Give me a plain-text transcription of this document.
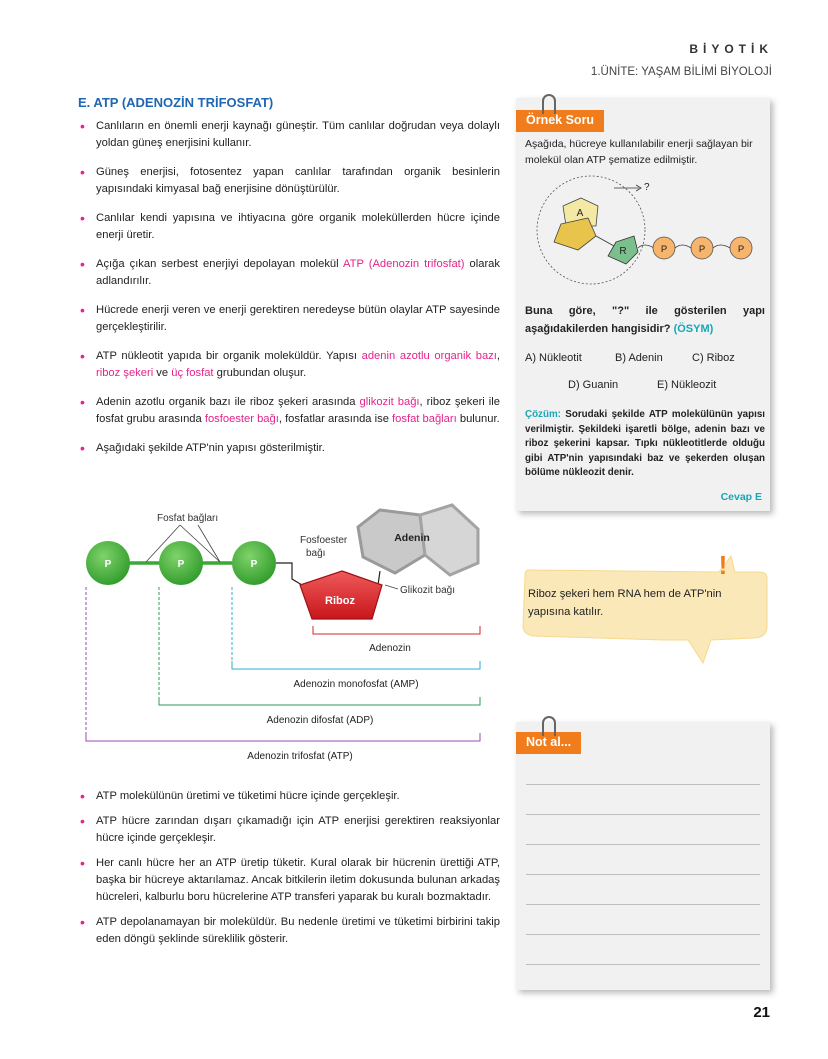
BİYOTİK
1.ÜNİTE: YAŞAM BİLİMİ BİYOLOJİ
E. ATP (ADENOZİN TRİFOSFAT)
• Canlıların en önemli enerji kaynağı güneştir. Tüm canlılar doğrudan veya dolaylı yoldan güneş enerjisini kullanır.
• Güneş enerjisi, fotosentez yapan canlılar tarafından organik besinlerin yapısındaki kimyasal bağ enerjisine dönüştürülür.
• Canlılar kendi yapısına ve ihtiyacına göre organik moleküllerden hücre içinde enerji üretir.
• Açığa çıkan serbest enerjiyi depolayan molekül ATP (Adenozin trifosfat) olarak adlandırılır.
• Hücrede enerji veren ve enerji gerektiren neredeyse bütün olaylar ATP sayesinde gerçekleştirilir.
• ATP nükleotit yapıda bir organik moleküldür. Yapısı adenin azotlu organik bazı, riboz şekeri ve üç fosfat grubundan oluşur.
• Adenin azotlu organik bazı ile riboz şekeri arasında glikozit bağı, riboz şekeri ile fosfat grubu arasında fosfoester bağı, fosfatlar arasında ise fosfat bağları bulunur.
• Aşağıdaki şekilde ATP'nin yapısı gösterilmiştir.
Fosfat bağları
P	P	P
Fosfoester
bağı
Adenin
Glikozit bağı
Riboz
Adenozin
Adenozin monofosfat (AMP)
Adenozin difosfat (ADP)
Adenozin trifosfat (ATP)
• ATP molekülünün üretimi ve tüketimi hücre içinde gerçekleşir.
• ATP hücre zarından dışarı çıkamadığı için ATP enerjisi gerektiren reaksiyonlar hücre içinde gerçekleşir.
• Her canlı hücre her an ATP üretip tüketir. Kural olarak bir hücrenin ürettiği ATP, başka bir hücreye aktarılamaz. Ancak bitkilerin iletim dokusunda bulunan arkadaş hücreleri, kalburlu boru hücrelerine ATP transferi yaparak bu kuralı bozmaktadır.
• ATP depolanamayan bir moleküldür. Bu nedenle üretimi ve tüketimi birbirini takip eden döngü şeklinde süreklilik gösterir.
Örnek Soru
Aşağıda, hücreye kullanılabilir enerji sağlayan bir molekül olan ATP şematize edilmiştir.
?
A
R	P	P	P
Buna göre, "?" ile gösterilen yapı aşağıdakilerden hangisidir? (ÖSYM)
A) Nükleotit	B) Adenin	C) Riboz
D) Guanin	E) Nükleozit
Çözüm: Sorudaki şekilde ATP molekülünün yapısı verilmiştir. Şekildeki işaretli bölge, adenin bazı ve riboz şekerini kapsar. Tıpkı nükleotitlerde olduğu gibi ATP'nin yapısındaki baz ve şekerden oluşan bölüme nükleozit denir.
Cevap E
!
Riboz şekeri hem RNA hem de ATP'nin yapısına katılır.
Not al...
21
